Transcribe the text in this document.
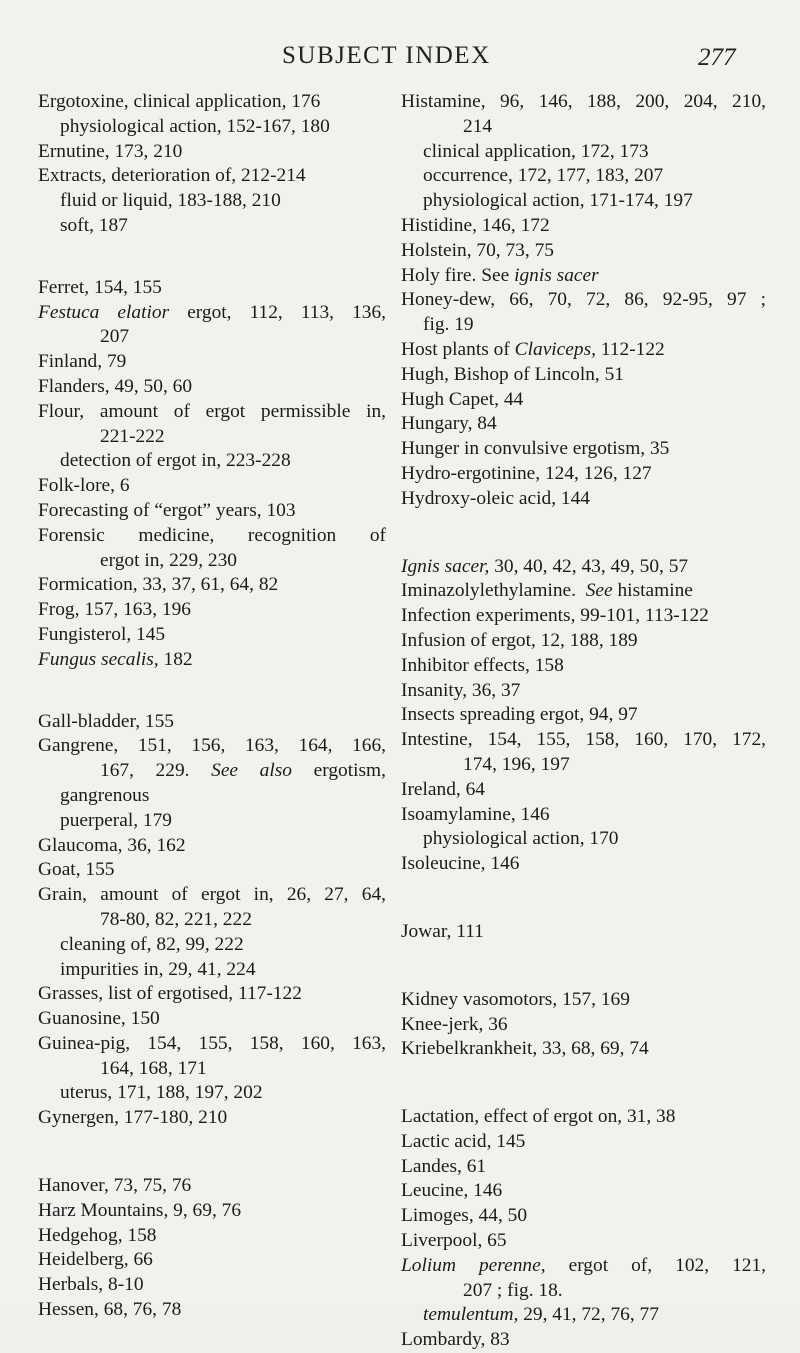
SUBJECT INDEX	277

Ergotoxine, clinical application, 176

physiological action, 152-167, 180

Ernutine, 173, 210

Extracts, deterioration of, 212-214

fluid or liquid, 183-188, 210

soft, 187

Ferret, 154, 155

Festuca elatior ergot, 112, 113, 136,

207

Finland, 79

Flanders, 49, 50, 60

Flour, amount of ergot permissible in,

221-222

detection of ergot in, 223-228

Folk-lore, 6

Forecasting of “ergot” years, 103

Forensic medicine, recognition of

ergot in, 229, 230

Formication, 33, 37, 61, 64, 82

Frog, 157, 163, 196

Fungisterol, 145

Fungus secalis, 182

Gall-bladder, 155

Gangrene, 151, 156, 163, 164, 166,

167, 229. See also ergotism,

gangrenous

puerperal, 179

Glaucoma, 36, 162

Goat, 155

Grain, amount of ergot in, 26, 27, 64,

78-80, 82, 221, 222

cleaning of, 82, 99, 222

impurities in, 29, 41, 224

Grasses, list of ergotised, 117-122

Guanosine, 150

Guinea-pig, 154, 155, 158, 160, 163,

164, 168, 171

uterus, 171, 188, 197, 202

Gynergen, 177-180, 210

Hanover, 73, 75, 76

Harz Mountains, 9, 69, 76

Hedgehog, 158

Heidelberg, 66

Herbals, 8-10

Hessen, 68, 76, 78

Histamine, 96, 146, 188, 200, 204, 210,

214

clinical application, 172, 173

occurrence, 172, 177, 183, 207

physiological action, 171-174, 197

Histidine, 146, 172

Holstein, 70, 73, 75

Holy fire. See ignis sacer

Honey-dew, 66, 70, 72, 86, 92-95, 97 ;

fig. 19

Host plants of Claviceps, 112-122

Hugh, Bishop of Lincoln, 51

Hugh Capet, 44

Hungary, 84

Hunger in convulsive ergotism, 35

Hydro-ergotinine, 124, 126, 127

Hydroxy-oleic acid, 144

Ignis sacer, 30, 40, 42, 43, 49, 50, 57

Iminazolylethylamine. See histamine

Infection experiments, 99-101, 113-122

Infusion of ergot, 12, 188, 189

Inhibitor effects, 158

Insanity, 36, 37

Insects spreading ergot, 94, 97

Intestine, 154, 155, 158, 160, 170, 172,

174, 196, 197

Ireland, 64

Isoamylamine, 146

physiological action, 170

Isoleucine, 146

Jowar, 111

Kidney vasomotors, 157, 169

Knee-jerk, 36

Kriebelkrankheit, 33, 68, 69, 74

Lactation, effect of ergot on, 31, 38

Lactic acid, 145

Landes, 61

Leucine, 146

Limoges, 44, 50

Liverpool, 65

Lolium perenne, ergot of, 102, 121,

207 ; fig. 18.

temulentum, 29, 41, 72, 76, 77

Lombardy, 83
